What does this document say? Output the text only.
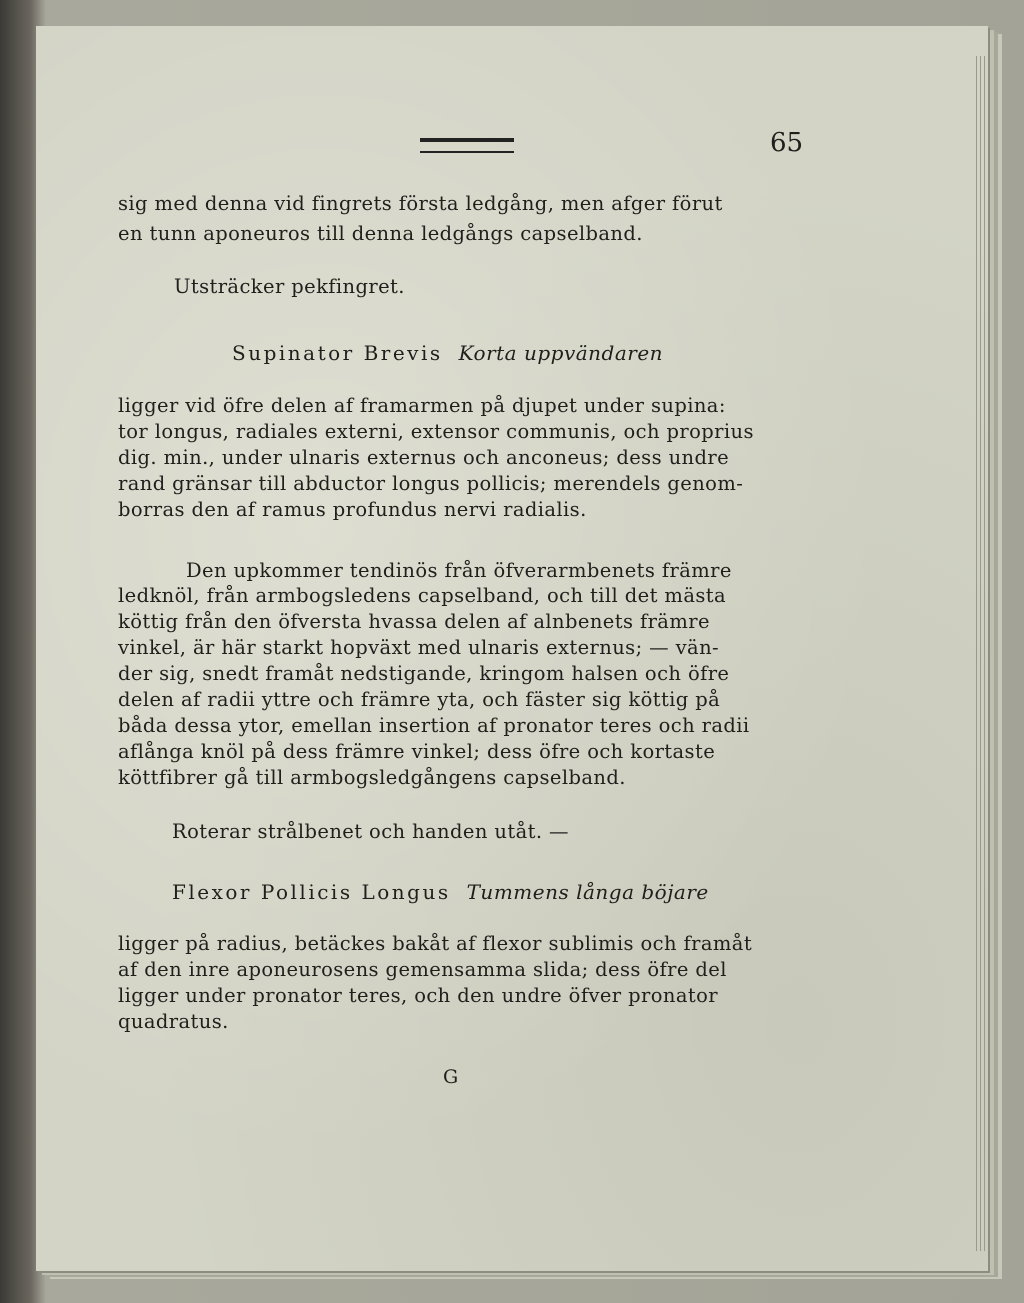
65
sig med denna vid fingrets första ledgång, men afger förut
en tunn aponeuros till denna ledgångs capselband.
Utsträcker pekfingret.
Supinator Brevis Korta uppvändaren
ligger vid öfre delen af framarmen på djupet under supina:
tor longus, radiales externi, extensor communis, och proprius
dig. min., under ulnaris externus och anconeus; dess undre
rand gränsar till abductor longus pollicis; merendels genom-
borras den af ramus profundus nervi radialis.
Den upkommer tendinös från öfverarmbenets främre
ledknöl, från armbogsledens capselband, och till det mästa
köttig från den öfversta hvassa delen af alnbenets främre
vinkel, är här starkt hopväxt med ulnaris externus; — vän-
der sig, snedt framåt nedstigande, kringom halsen och öfre
delen af radii yttre och främre yta, och fäster sig köttig på
båda dessa ytor, emellan insertion af pronator teres och radii
aflånga knöl på dess främre vinkel; dess öfre och kortaste
köttfibrer gå till armbogsledgångens capselband.
Roterar strålbenet och handen utåt. —
Flexor Pollicis Longus Tummens långa böjare
ligger på radius, betäckes bakåt af flexor sublimis och framåt
af den inre aponeurosens gemensamma slida; dess öfre del
ligger under pronator teres, och den undre öfver pronator
quadratus.
G
